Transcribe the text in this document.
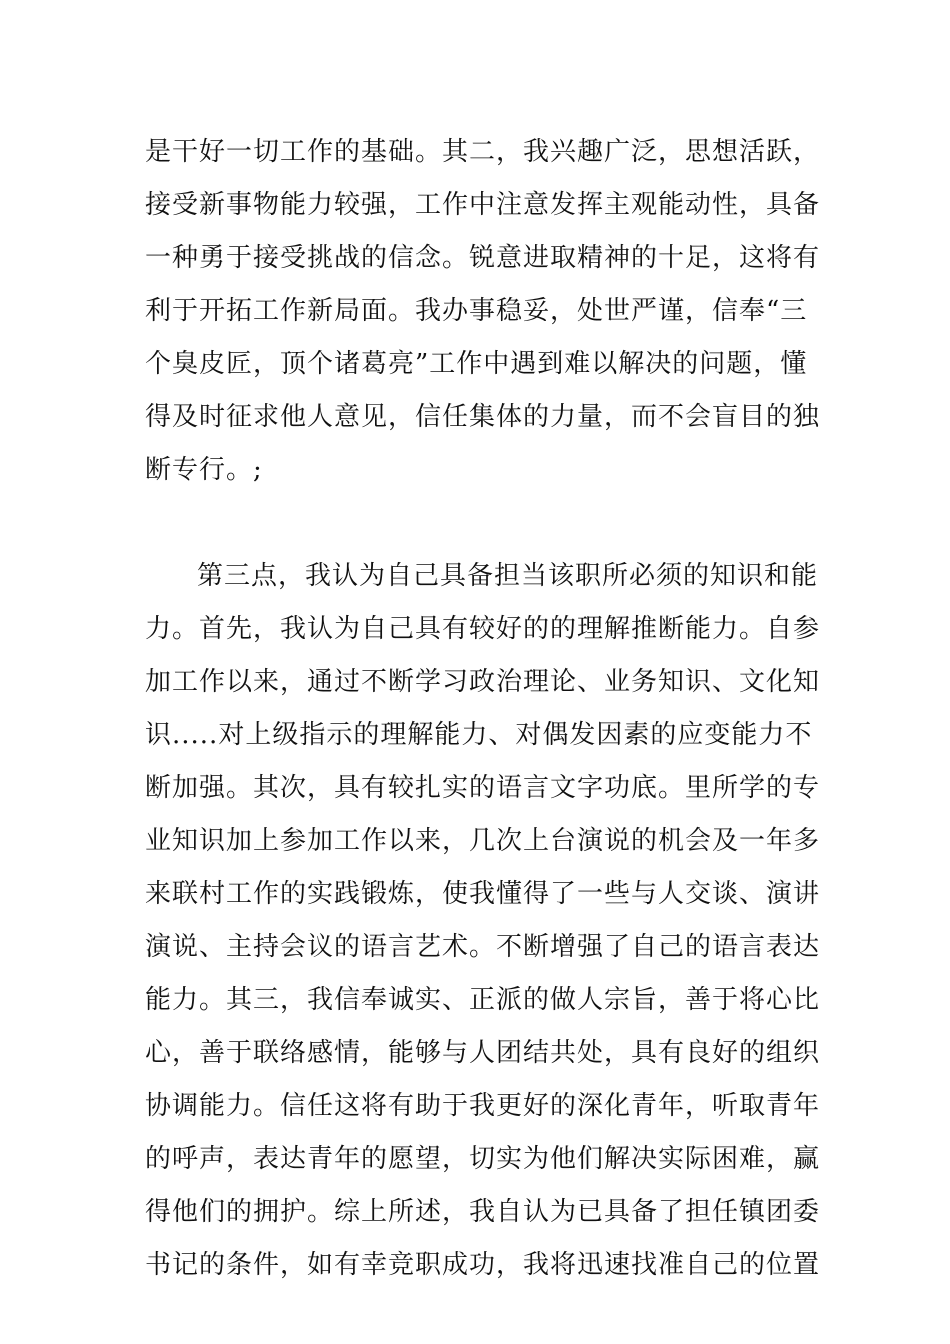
是干好一切工作的基础。其二，我兴趣广泛，思想活跃，
接受新事物能力较强，工作中注意发挥主观能动性，具备
一种勇于接受挑战的信念。锐意进取精神的十足，这将有
利于开拓工作新局面。我办事稳妥，处世严谨，信奉“三
个臭皮匠，顶个诸葛亮”工作中遇到难以解决的问题，懂
得及时征求他人意见，信任集体的力量，而不会盲目的独
断专行。;
第三点，我认为自己具备担当该职所必须的知识和能
力。首先，我认为自己具有较好的的理解推断能力。自参
加工作以来，通过不断学习政治理论、业务知识、文化知
识.....对上级指示的理解能力、对偶发因素的应变能力不
断加强。其次，具有较扎实的语言文字功底。里所学的专
业知识加上参加工作以来，几次上台演说的机会及一年多
来联村工作的实践锻炼，使我懂得了一些与人交谈、演讲
演说、主持会议的语言艺术。不断增强了自己的语言表达
能力。其三，我信奉诚实、正派的做人宗旨，善于将心比
心，善于联络感情，能够与人团结共处，具有良好的组织
协调能力。信任这将有助于我更好的深化青年，听取青年
的呼声，表达青年的愿望，切实为他们解决实际困难，赢
得他们的拥护。综上所述，我自认为已具备了担任镇团委
书记的条件，如有幸竞职成功，我将迅速找准自己的位置
